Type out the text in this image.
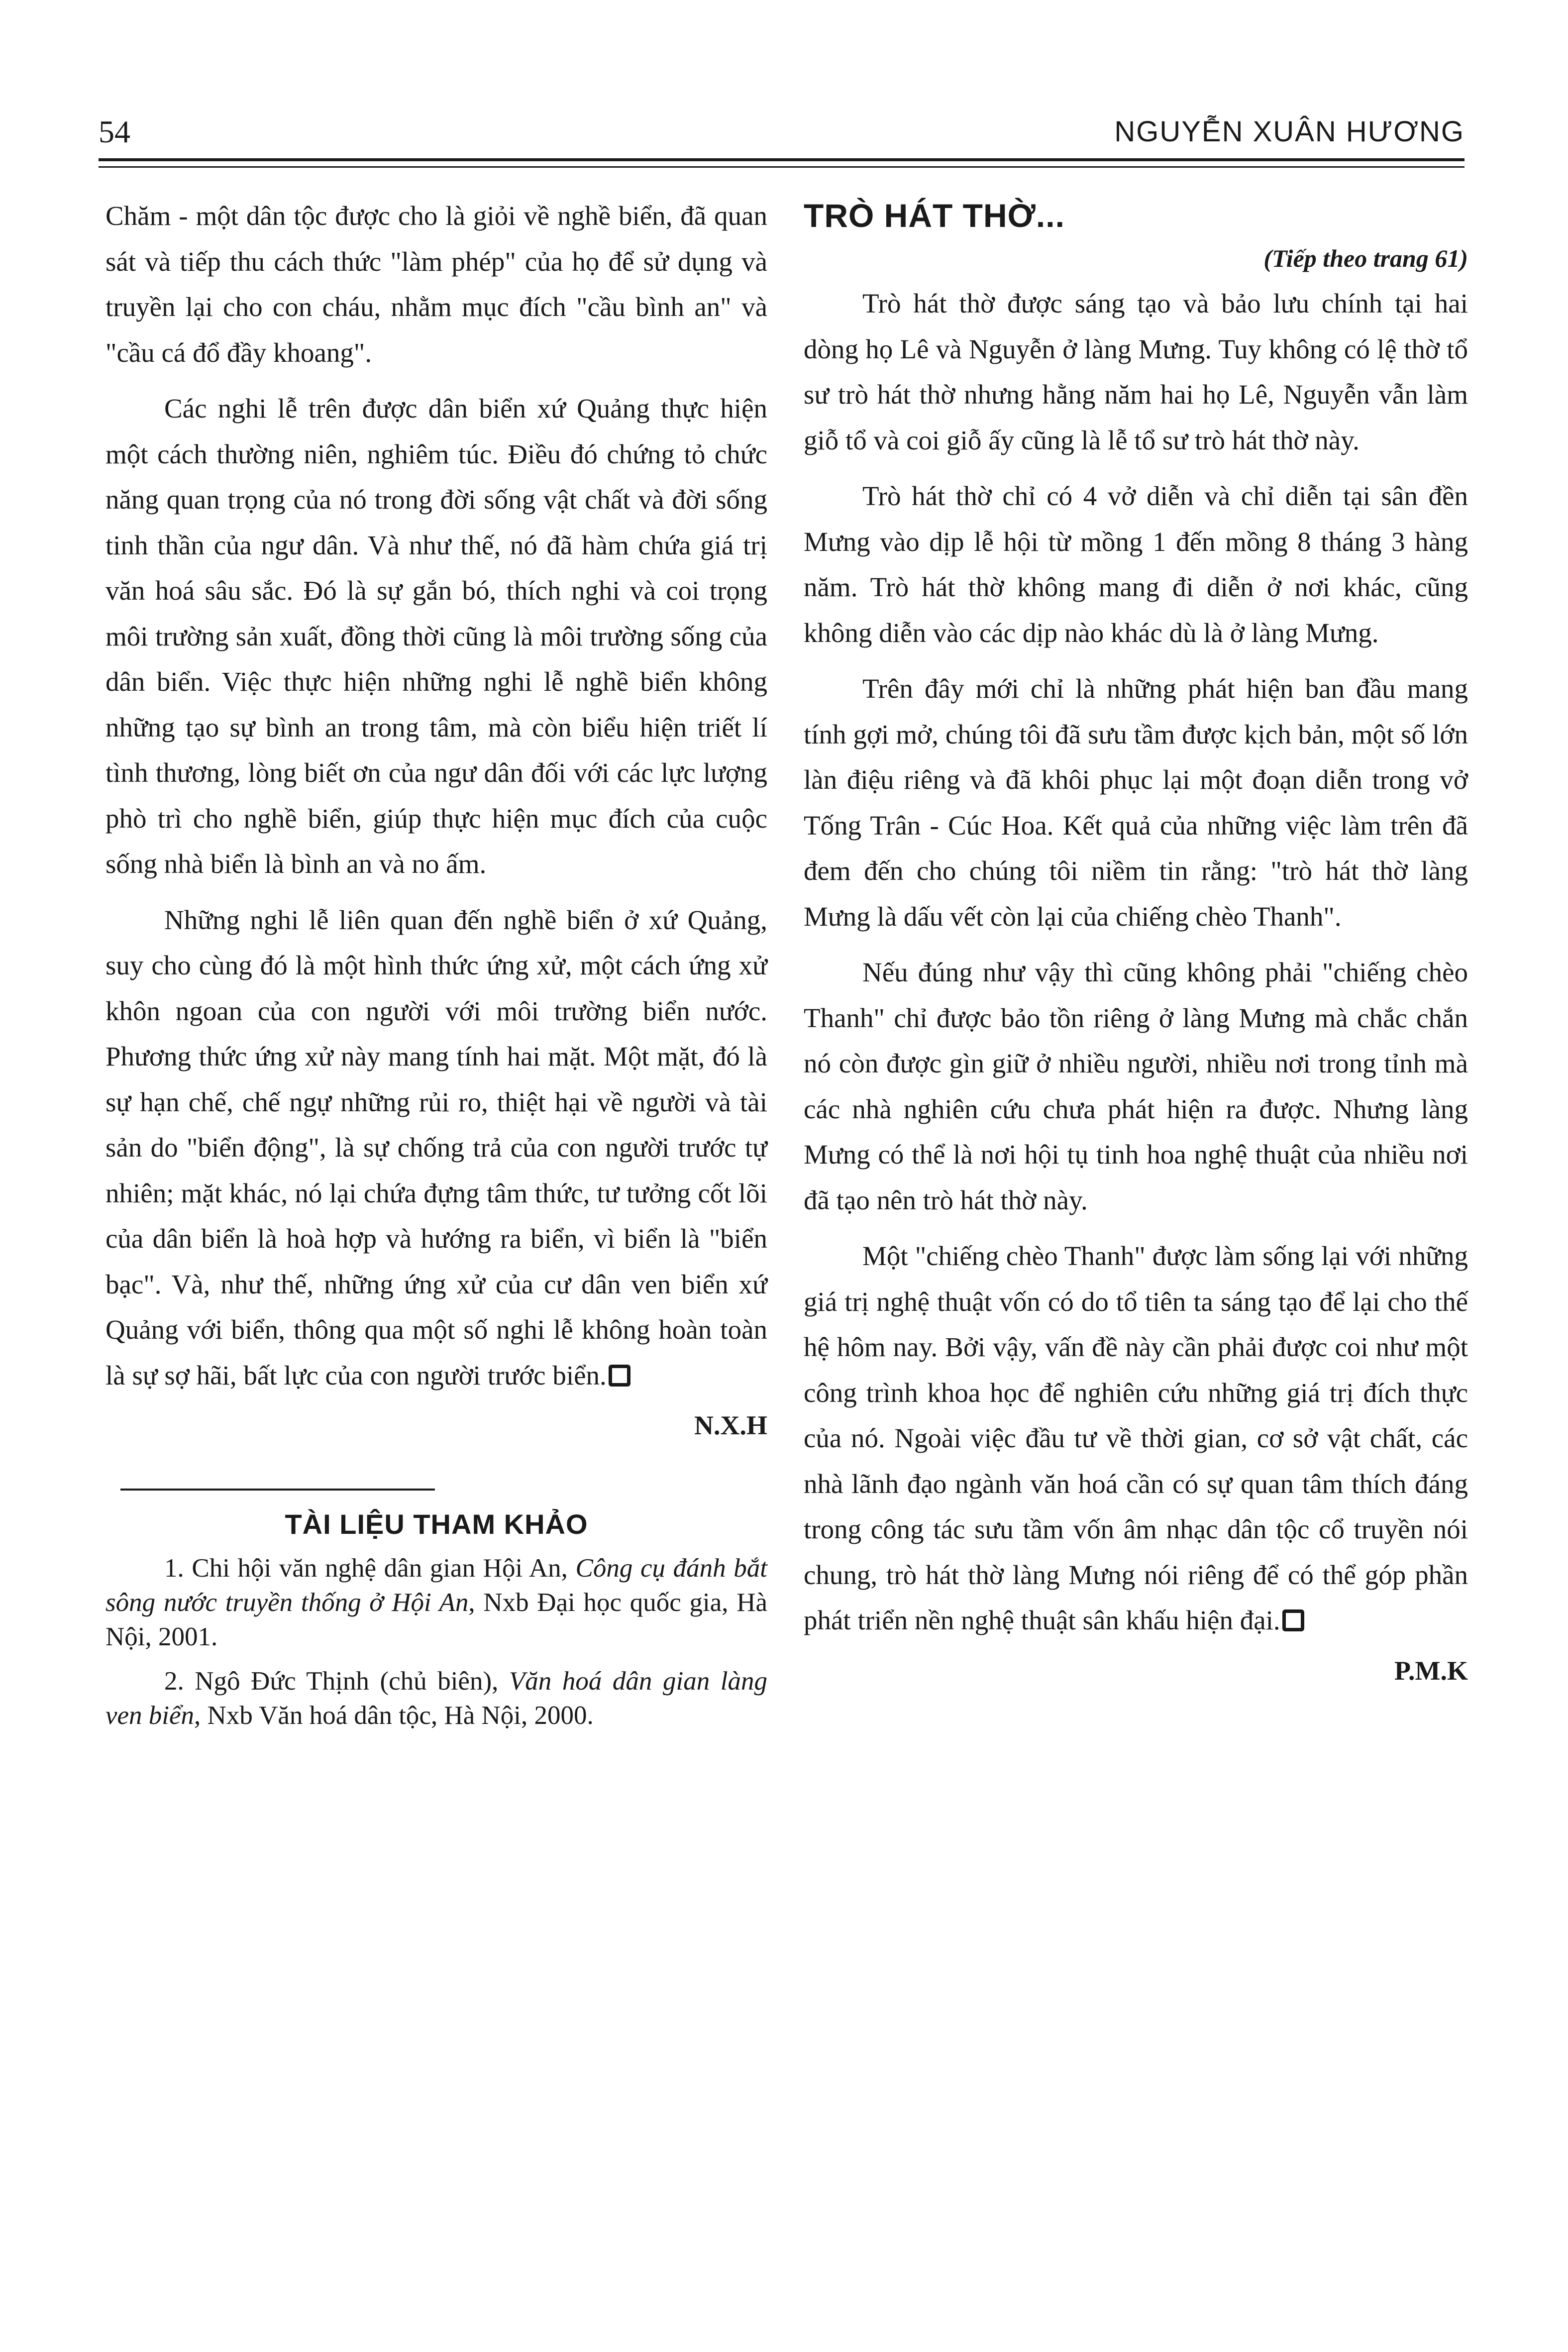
54	NGUYỄN XUÂN HƯƠNG

Chăm - một dân tộc được cho là giỏi về nghề biển, đã quan sát và tiếp thu cách thức "làm phép" của họ để sử dụng và truyền lại cho con cháu, nhằm mục đích "cầu bình an" và "cầu cá đổ đầy khoang".

Các nghi lễ trên được dân biển xứ Quảng thực hiện một cách thường niên, nghiêm túc. Điều đó chứng tỏ chức năng quan trọng của nó trong đời sống vật chất và đời sống tinh thần của ngư dân. Và như thế, nó đã hàm chứa giá trị văn hoá sâu sắc. Đó là sự gắn bó, thích nghi và coi trọng môi trường sản xuất, đồng thời cũng là môi trường sống của dân biển. Việc thực hiện những nghi lễ nghề biển không những tạo sự bình an trong tâm, mà còn biểu hiện triết lí tình thương, lòng biết ơn của ngư dân đối với các lực lượng phò trì cho nghề biển, giúp thực hiện mục đích của cuộc sống nhà biển là bình an và no ấm.

Những nghi lễ liên quan đến nghề biển ở xứ Quảng, suy cho cùng đó là một hình thức ứng xử, một cách ứng xử khôn ngoan của con người với môi trường biển nước. Phương thức ứng xử này mang tính hai mặt. Một mặt, đó là sự hạn chế, chế ngự những rủi ro, thiệt hại về người và tài sản do "biển động", là sự chống trả của con người trước tự nhiên; mặt khác, nó lại chứa đựng tâm thức, tư tưởng cốt lõi của dân biển là hoà hợp và hướng ra biển, vì biển là "biển bạc". Và, như thế, những ứng xử của cư dân ven biển xứ Quảng với biển, thông qua một số nghi lễ không hoàn toàn là sự sợ hãi, bất lực của con người trước biển.

N.X.H

TÀI LIỆU THAM KHẢO

1. Chi hội văn nghệ dân gian Hội An, Công cụ đánh bắt sông nước truyền thống ở Hội An, Nxb Đại học quốc gia, Hà Nội, 2001.

2. Ngô Đức Thịnh (chủ biên), Văn hoá dân gian làng ven biển, Nxb Văn hoá dân tộc, Hà Nội, 2000.

TRÒ HÁT THỜ...

(Tiếp theo trang 61)

Trò hát thờ được sáng tạo và bảo lưu chính tại hai dòng họ Lê và Nguyễn ở làng Mưng. Tuy không có lệ thờ tổ sư trò hát thờ nhưng hằng năm hai họ Lê, Nguyễn vẫn làm giỗ tổ và coi giỗ ấy cũng là lễ tổ sư trò hát thờ này.

Trò hát thờ chỉ có 4 vở diễn và chỉ diễn tại sân đền Mưng vào dịp lễ hội từ mồng 1 đến mồng 8 tháng 3 hàng năm. Trò hát thờ không mang đi diễn ở nơi khác, cũng không diễn vào các dịp nào khác dù là ở làng Mưng.

Trên đây mới chỉ là những phát hiện ban đầu mang tính gợi mở, chúng tôi đã sưu tầm được kịch bản, một số lớn làn điệu riêng và đã khôi phục lại một đoạn diễn trong vở Tống Trân - Cúc Hoa. Kết quả của những việc làm trên đã đem đến cho chúng tôi niềm tin rằng: "trò hát thờ làng Mưng là dấu vết còn lại của chiếng chèo Thanh".

Nếu đúng như vậy thì cũng không phải "chiếng chèo Thanh" chỉ được bảo tồn riêng ở làng Mưng mà chắc chắn nó còn được gìn giữ ở nhiều người, nhiều nơi trong tỉnh mà các nhà nghiên cứu chưa phát hiện ra được. Nhưng làng Mưng có thể là nơi hội tụ tinh hoa nghệ thuật của nhiều nơi đã tạo nên trò hát thờ này.

Một "chiếng chèo Thanh" được làm sống lại với những giá trị nghệ thuật vốn có do tổ tiên ta sáng tạo để lại cho thế hệ hôm nay. Bởi vậy, vấn đề này cần phải được coi như một công trình khoa học để nghiên cứu những giá trị đích thực của nó. Ngoài việc đầu tư về thời gian, cơ sở vật chất, các nhà lãnh đạo ngành văn hoá cần có sự quan tâm thích đáng trong công tác sưu tầm vốn âm nhạc dân tộc cổ truyền nói chung, trò hát thờ làng Mưng nói riêng để có thể góp phần phát triển nền nghệ thuật sân khấu hiện đại.

P.M.K
